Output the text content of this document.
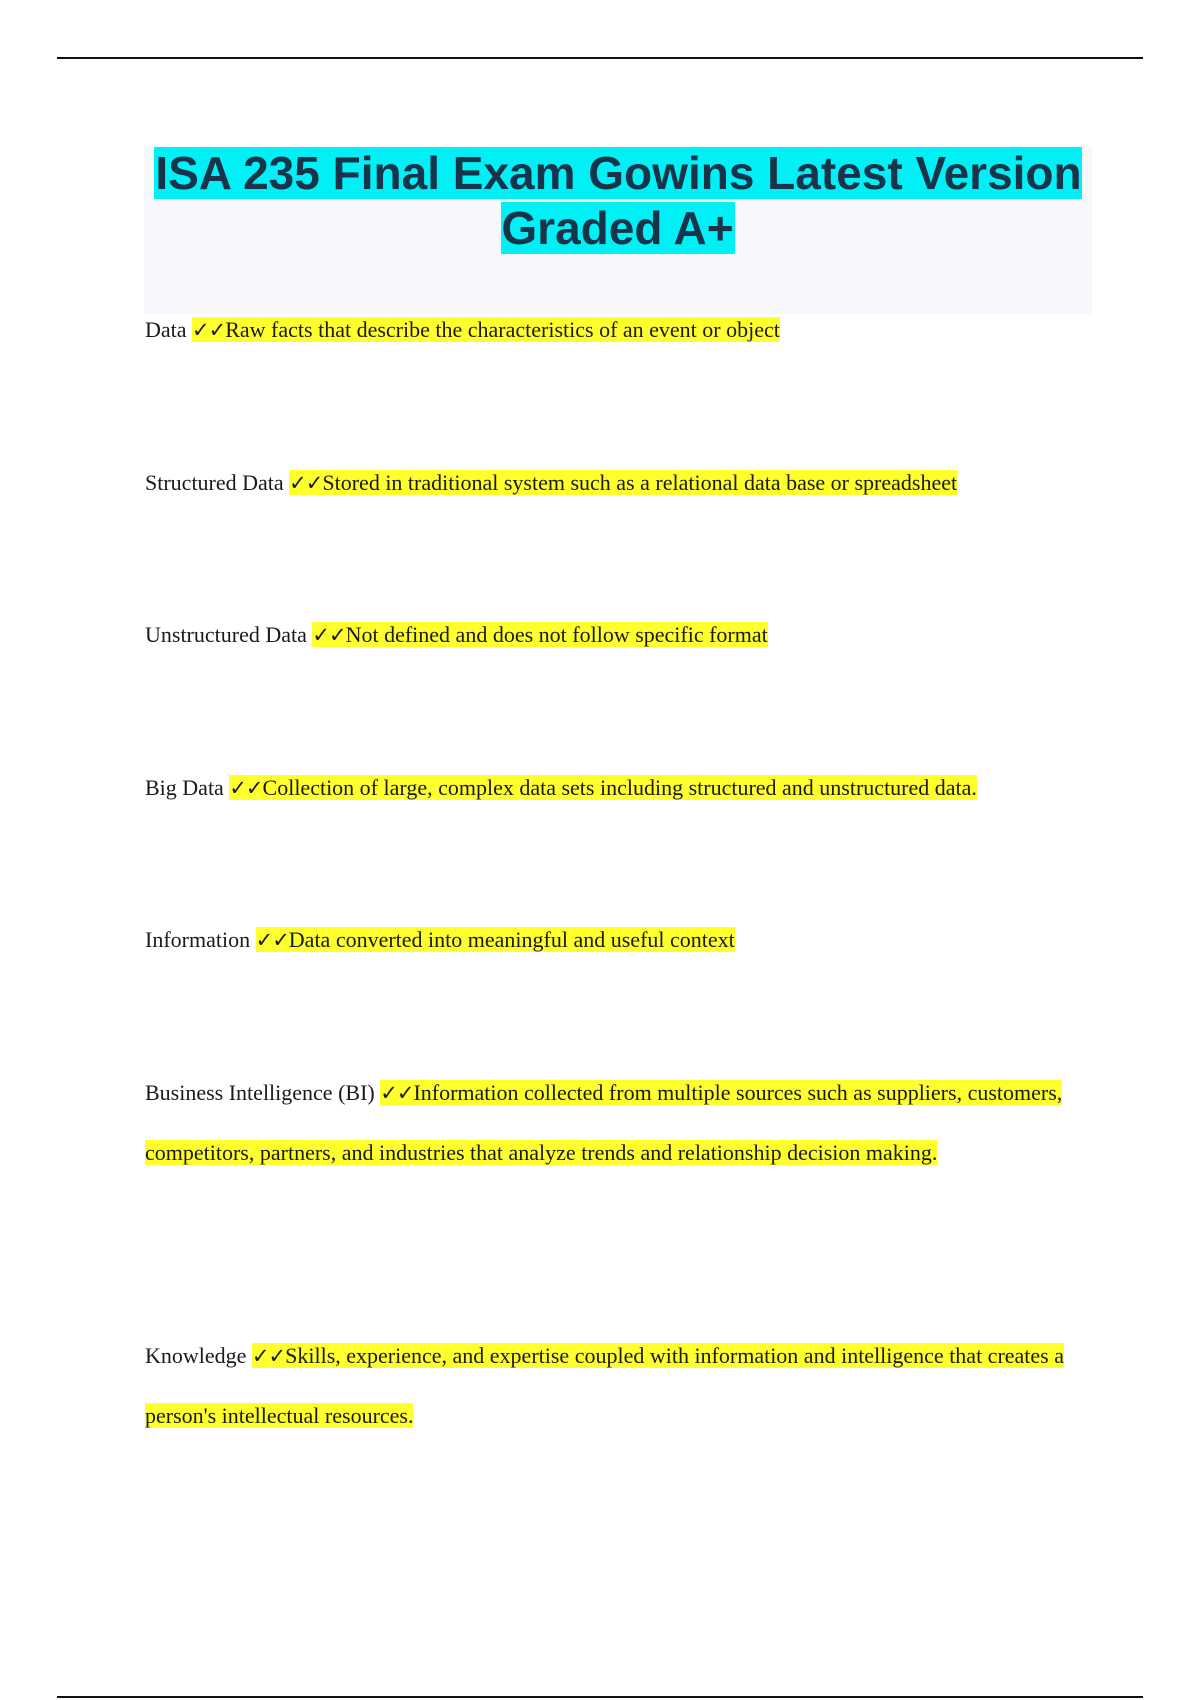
ISA 235 Final Exam Gowins Latest Version Graded A+

Data ✓✓Raw facts that describe the characteristics of an event or object

Structured Data ✓✓Stored in traditional system such as a relational data base or spreadsheet

Unstructured Data ✓✓Not defined and does not follow specific format

Big Data ✓✓Collection of large, complex data sets including structured and unstructured data.

Information ✓✓Data converted into meaningful and useful context

Business Intelligence (BI) ✓✓Information collected from multiple sources such as suppliers, customers, competitors, partners, and industries that analyze trends and relationship decision making.

Knowledge ✓✓Skills, experience, and expertise coupled with information and intelligence that creates a person's intellectual resources.
